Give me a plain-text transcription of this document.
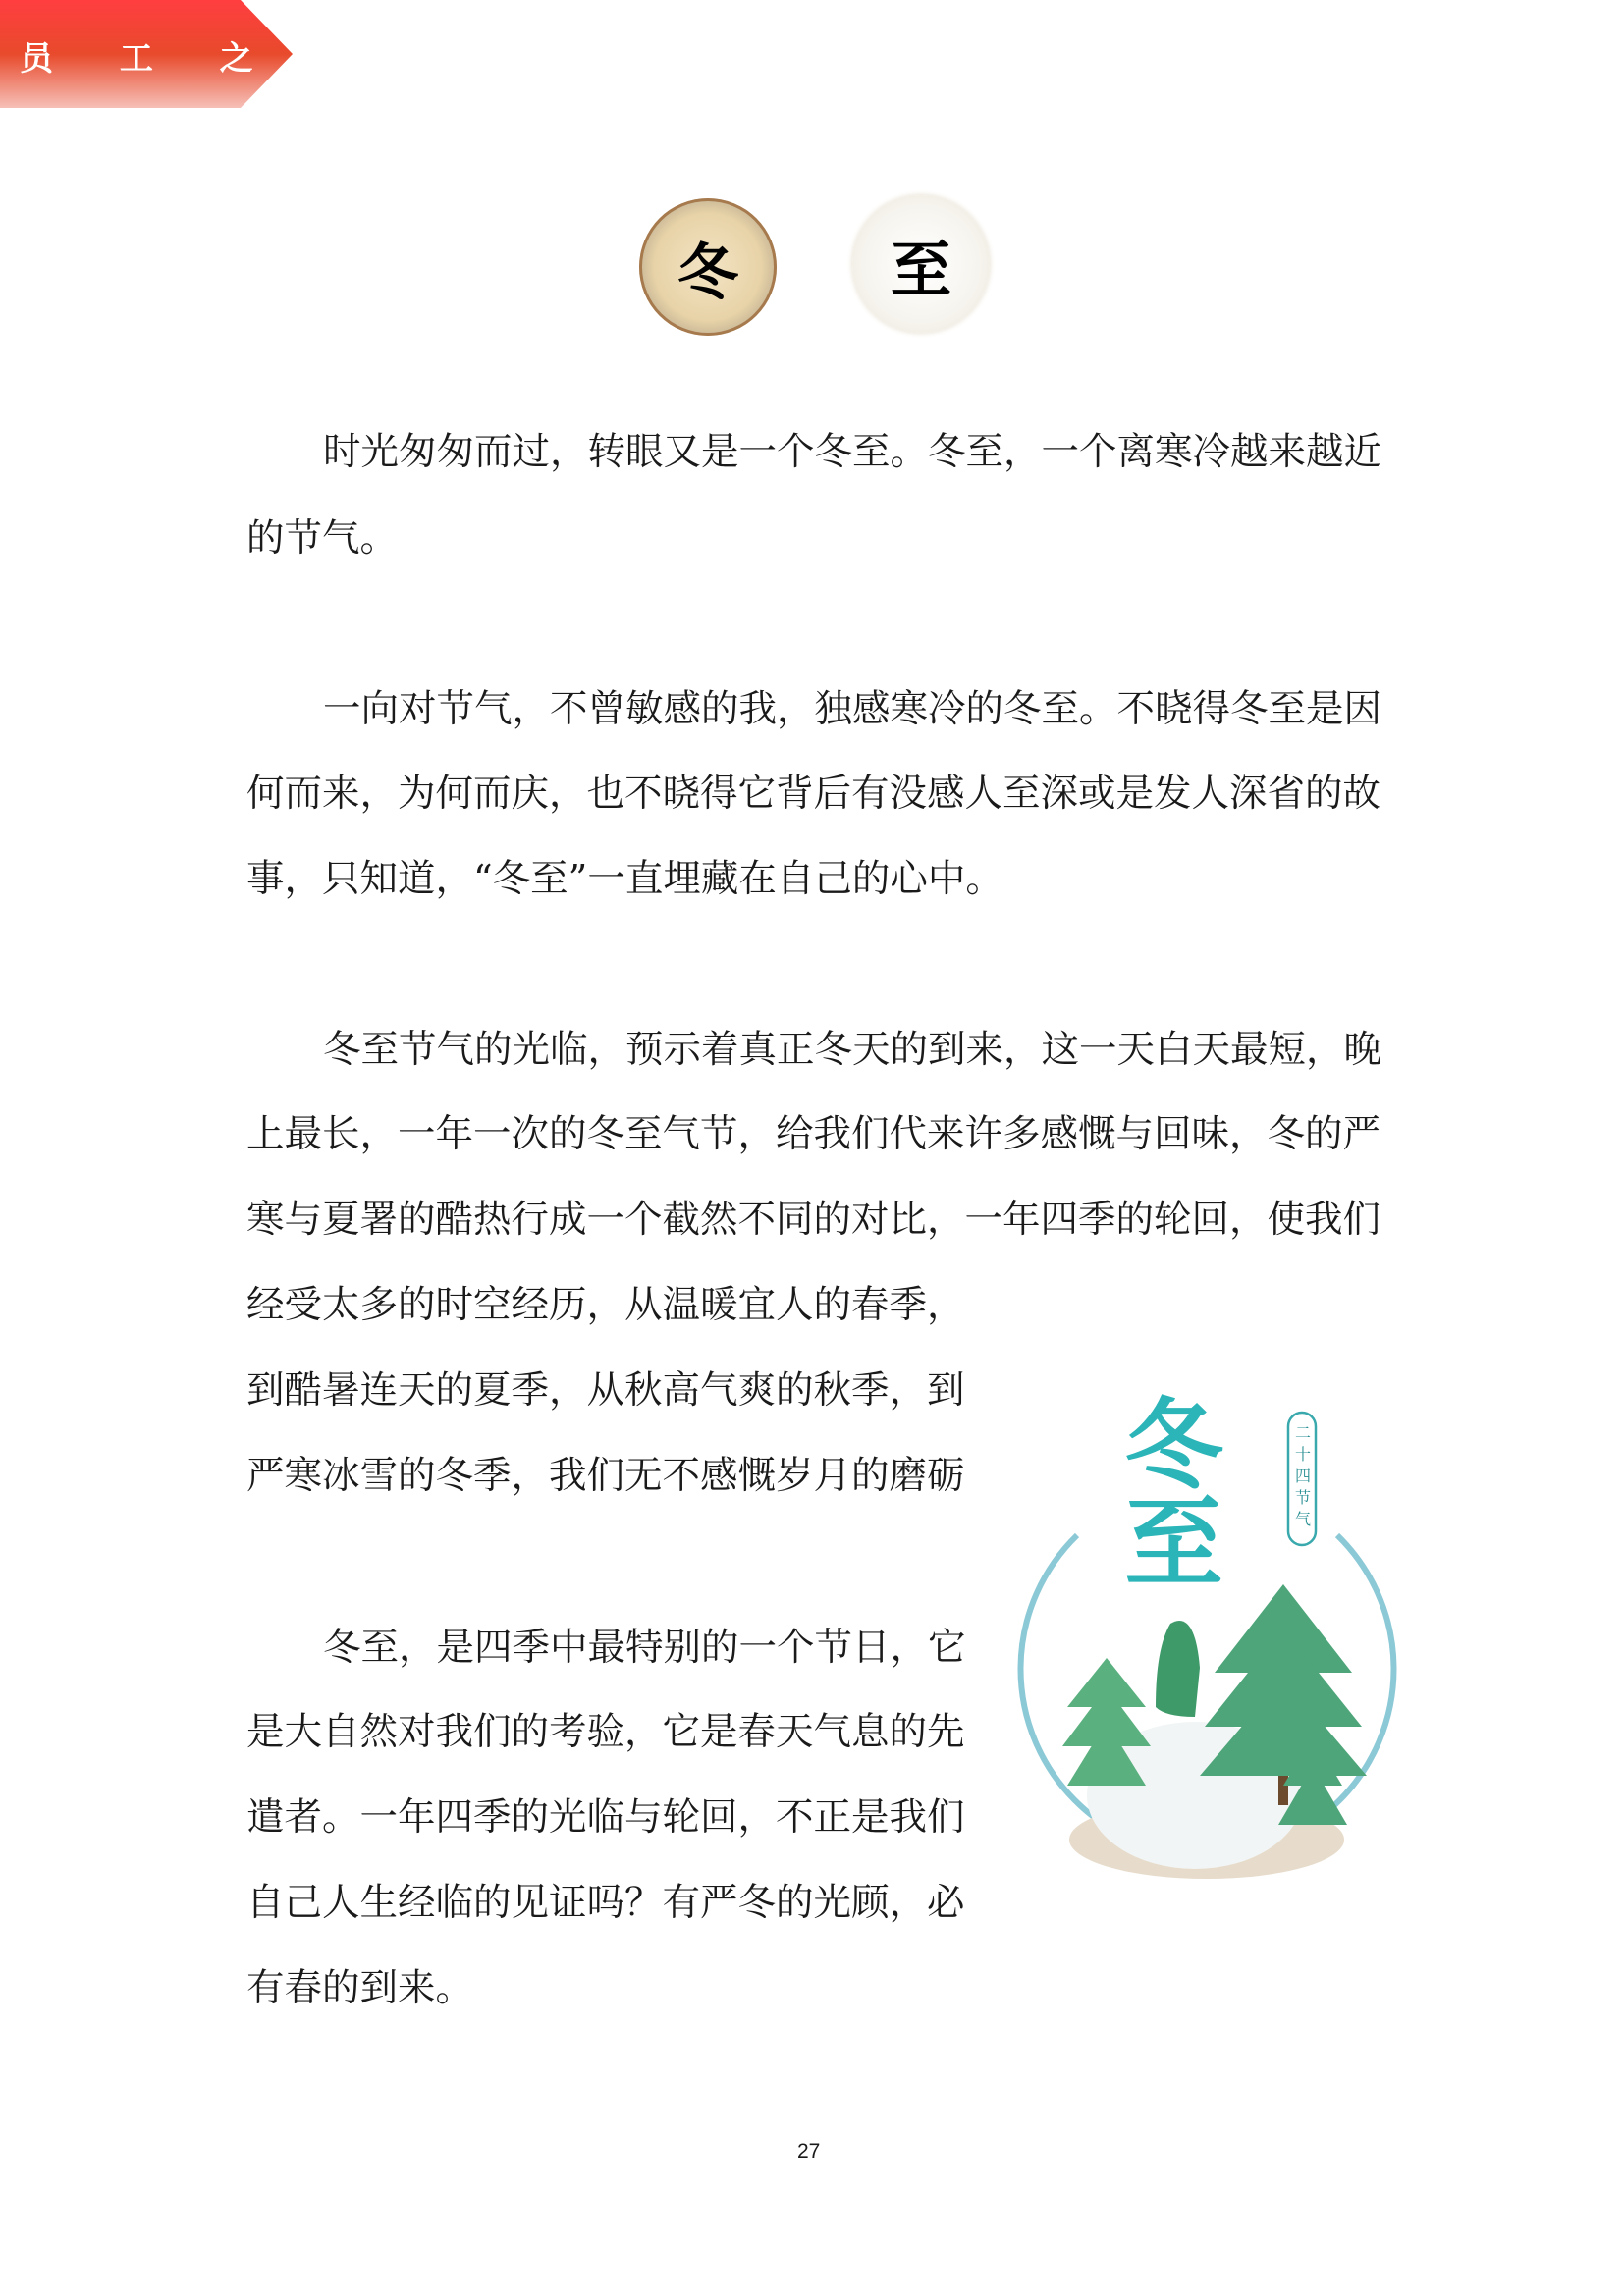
员 工 之 声
冬 至
时光匆匆而过，转眼又是一个冬至。冬至，一个离寒冷越来越近
的节气。
一向对节气，不曾敏感的我，独感寒冷的冬至。不晓得冬至是因
何而来，为何而庆，也不晓得它背后有没感人至深或是发人深省的故
事，只知道，“冬至”一直埋藏在自己的心中。
冬至节气的光临，预示着真正冬天的到来，这一天白天最短，晚
上最长，一年一次的冬至气节，给我们代来许多感慨与回味，冬的严
寒与夏署的酷热行成一个截然不同的对比，一年四季的轮回，使我们
经受太多的时空经历，从温暖宜人的春季，
到酷暑连天的夏季，从秋高气爽的秋季，到
严寒冰雪的冬季，我们无不感慨岁月的磨砺
冬至，是四季中最特别的一个节日，它
是大自然对我们的考验，它是春天气息的先
遣者。一年四季的光临与轮回，不正是我们
自己人生经临的见证吗？有严冬的光顾，必
有春的到来。
冬至	二十四节气
27
